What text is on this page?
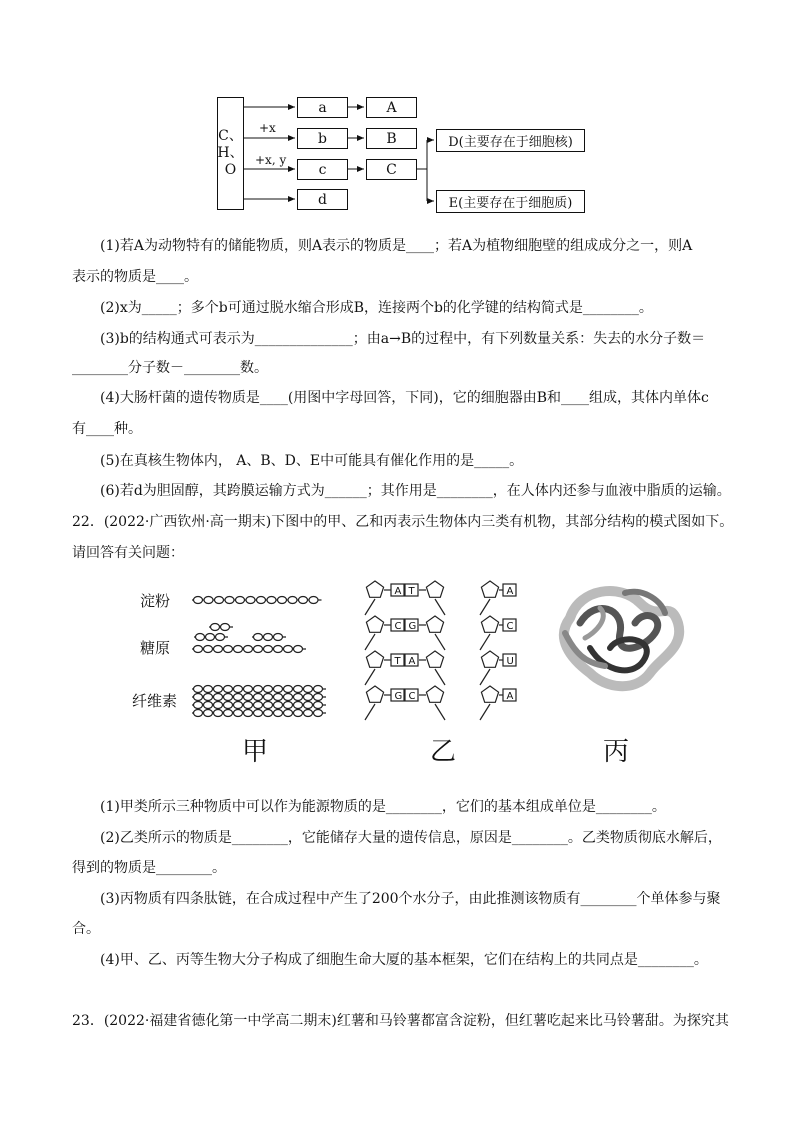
C、
H、
O
a
b
c
d
A
B
C
D(主要存在于细胞核)
E(主要存在于细胞质)
+x
+x, y
(1)若A为动物特有的储能物质，则A表示的物质是____；若A为植物细胞壁的组成成分之一，则A
表示的物质是____。
(2)x为_____；多个b可通过脱水缩合形成B，连接两个b的化学键的结构简式是________。
(3)b的结构通式可表示为______________；由a→B的过程中，有下列数量关系：失去的水分子数＝
________分子数－________数。
(4)大肠杆菌的遗传物质是____(用图中字母回答，下同)，它的细胞器由B和____组成，其体内单体c
有____种。
(5)在真核生物体内， A、B、D、E中可能具有催化作用的是_____。
(6)若d为胆固醇，其跨膜运输方式为______；其作用是________，在人体内还参与血液中脂质的运输。
22．(2022·广西钦州·高一期末)下图中的甲、乙和丙表示生物体内三类有机物，其部分结构的模式图如下。
请回答有关问题：
淀粉
糖原
纤维素
A T
C G
T A
G C
A
C
U
A
甲	乙	丙
(1)甲类所示三种物质中可以作为能源物质的是________，它们的基本组成单位是________。
(2)乙类所示的物质是________，它能储存大量的遗传信息，原因是________。乙类物质彻底水解后，
得到的物质是________。
(3)丙物质有四条肽链，在合成过程中产生了200个水分子，由此推测该物质有________个单体参与聚
合。
(4)甲、乙、丙等生物大分子构成了细胞生命大厦的基本框架，它们在结构上的共同点是________。
23．(2022·福建省德化第一中学高二期末)红薯和马铃薯都富含淀粉，但红薯吃起来比马铃薯甜。为探究其
